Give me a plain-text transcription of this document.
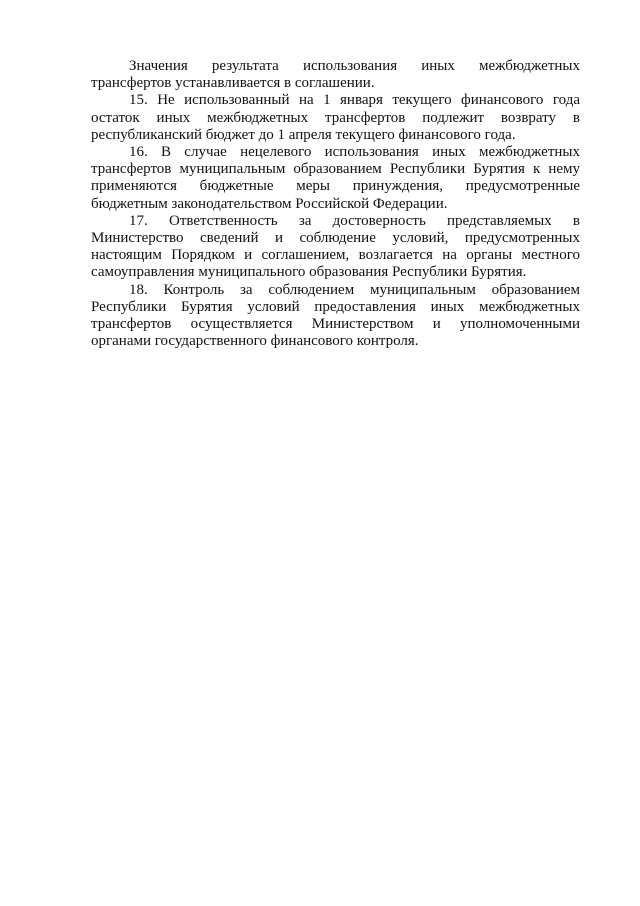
Значения результата использования иных межбюджетных трансфертов устанавливается в соглашении.

15. Не использованный на 1 января текущего финансового года остаток иных межбюджетных трансфертов подлежит возврату в республиканский бюджет до 1 апреля текущего финансового года.

16. В случае нецелевого использования иных межбюджетных трансфертов муниципальным образованием Республики Бурятия к нему применяются бюджетные меры принуждения, предусмотренные бюджетным законодательством Российской Федерации.

17. Ответственность за достоверность представляемых в Министерство сведений и соблюдение условий, предусмотренных настоящим Порядком и соглашением, возлагается на органы местного самоуправления муниципального образования Республики Бурятия.

18. Контроль за соблюдением муниципальным образованием Республики Бурятия условий предоставления иных межбюджетных трансфертов осуществляется Министерством и уполномоченными органами государственного финансового контроля.
